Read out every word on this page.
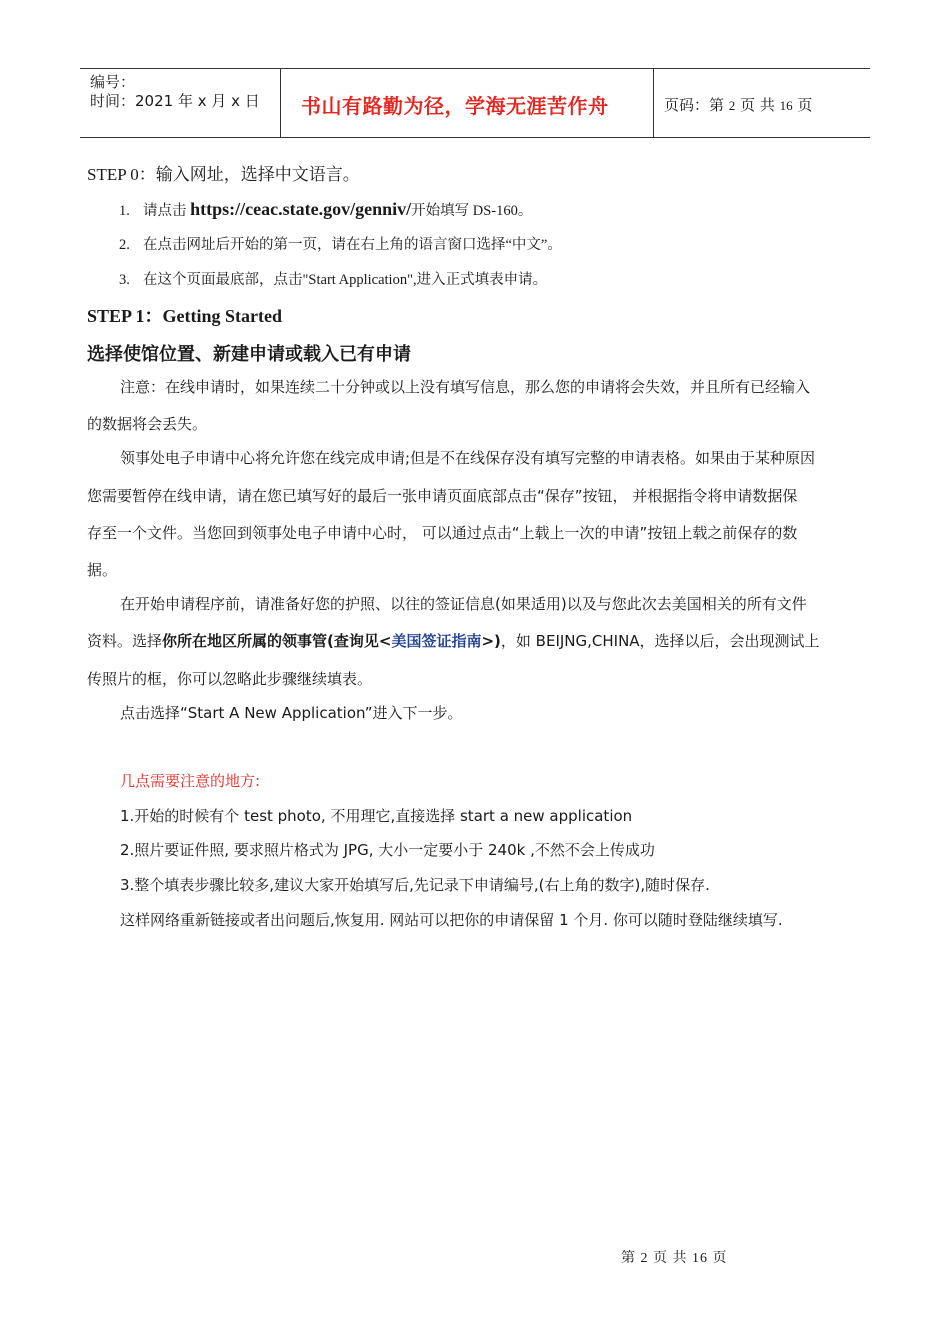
编号：
时间：2021 年 x 月 x 日 书山有路勤为径，学海无涯苦作舟	页码：第 2 页 共 16 页
STEP 0：输入网址，选择中文语言。
1. 请点击 https://ceac.state.gov/genniv/开始填写 DS-160。
2. 在点击网址后开始的第一页，请在右上角的语言窗口选择“中文”。
3. 在这个页面最底部，点击"Start Application",进入正式填表申请。
STEP 1：Getting Started
选择使馆位置、新建申请或载入已有申请
注意：在线申请时，如果连续二十分钟或以上没有填写信息，那么您的申请将会失效，并且所有已经输入
的数据将会丢失。
领事处电子申请中心将允许您在线完成申请;但是不在线保存没有填写完整的申请表格。如果由于某种原因
您需要暂停在线申请，请在您已填写好的最后一张申请页面底部点击“保存”按钮， 并根据指令将申请数据保
存至一个文件。当您回到领事处电子申请中心时， 可以通过点击“上载上一次的申请”按钮上载之前保存的数
据。
在开始申请程序前，请准备好您的护照、以往的签证信息(如果适用)以及与您此次去美国相关的所有文件
资料。选择你所在地区所属的领事管(查询见<美国签证指南>)，如 BEIJNG,CHINA，选择以后，会出现测试上
传照片的框，你可以忽略此步骤继续填表。
点击选择“Start A New Application”进入下一步。
几点需要注意的地方:
1.开始的时候有个 test photo, 不用理它,直接选择 start a new application
2.照片要证件照, 要求照片格式为 JPG, 大小一定要小于 240k ,不然不会上传成功
3.整个填表步骤比较多,建议大家开始填写后,先记录下申请编号,(右上角的数字),随时保存.
这样网络重新链接或者出问题后,恢复用. 网站可以把你的申请保留 1 个月. 你可以随时登陆继续填写.
第 2 页 共 16 页
